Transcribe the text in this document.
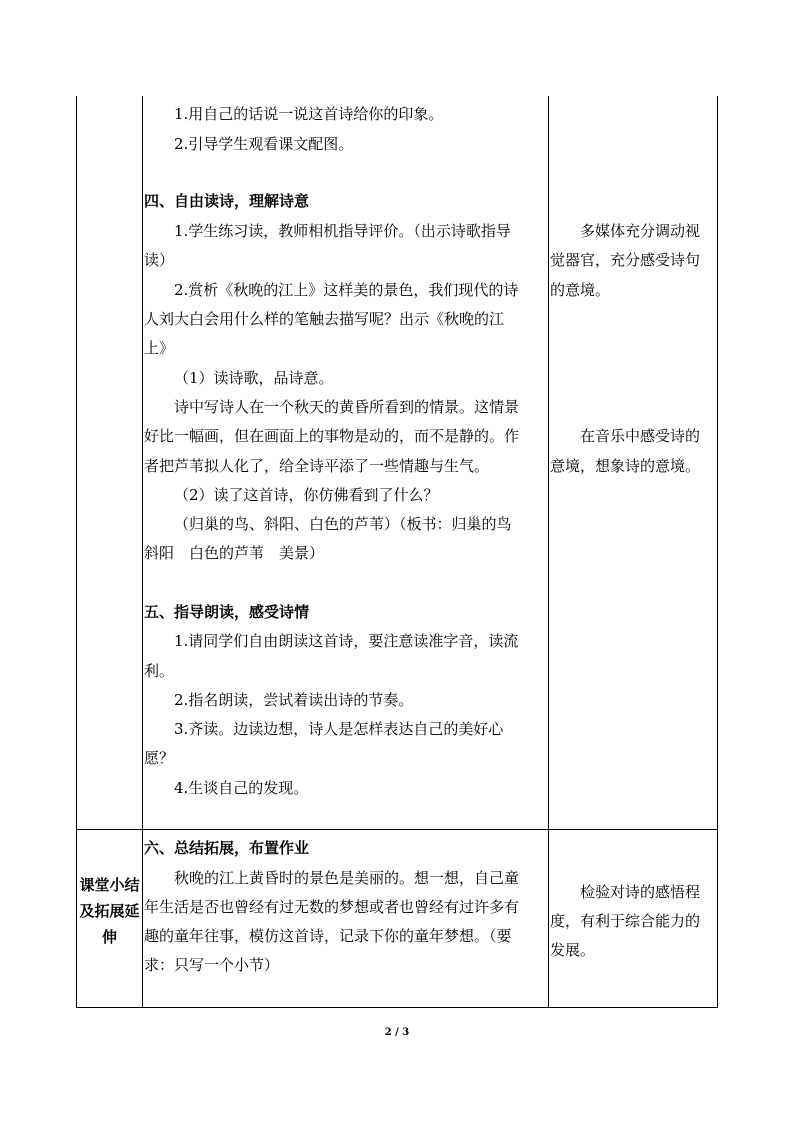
1.用自己的话说一说这首诗给你的印象。
2.引导学生观看课文配图。
四、自由读诗，理解诗意
1.学生练习读，教师相机指导评价。（出示诗歌指导
读）
2.赏析《秋晚的江上》这样美的景色，我们现代的诗
人刘大白会用什么样的笔触去描写呢？出示《秋晚的江
上》
（1）读诗歌，品诗意。
诗中写诗人在一个秋天的黄昏所看到的情景。这情景
好比一幅画，但在画面上的事物是动的，而不是静的。作
者把芦苇拟人化了，给全诗平添了一些情趣与生气。
（2）读了这首诗，你仿佛看到了什么？
（归巢的鸟、斜阳、白色的芦苇）（板书：归巢的鸟
斜阳　白色的芦苇　美景）
五、指导朗读，感受诗情
1.请同学们自由朗读这首诗，要注意读准字音，读流
利。
2.指名朗读，尝试着读出诗的节奏。
3.齐读。边读边想，诗人是怎样表达自己的美好心
愿？
4.生谈自己的发现。
多媒体充分调动视
觉器官，充分感受诗句
的意境。
在音乐中感受诗的
意境，想象诗的意境。
课堂小结
及拓展延
伸
六、总结拓展，布置作业
秋晚的江上黄昏时的景色是美丽的。想一想，自己童
年生活是否也曾经有过无数的梦想或者也曾经有过许多有
趣的童年往事，模仿这首诗，记录下你的童年梦想。（要
求：只写一个小节）
检验对诗的感悟程
度，有利于综合能力的
发展。
2 / 3
